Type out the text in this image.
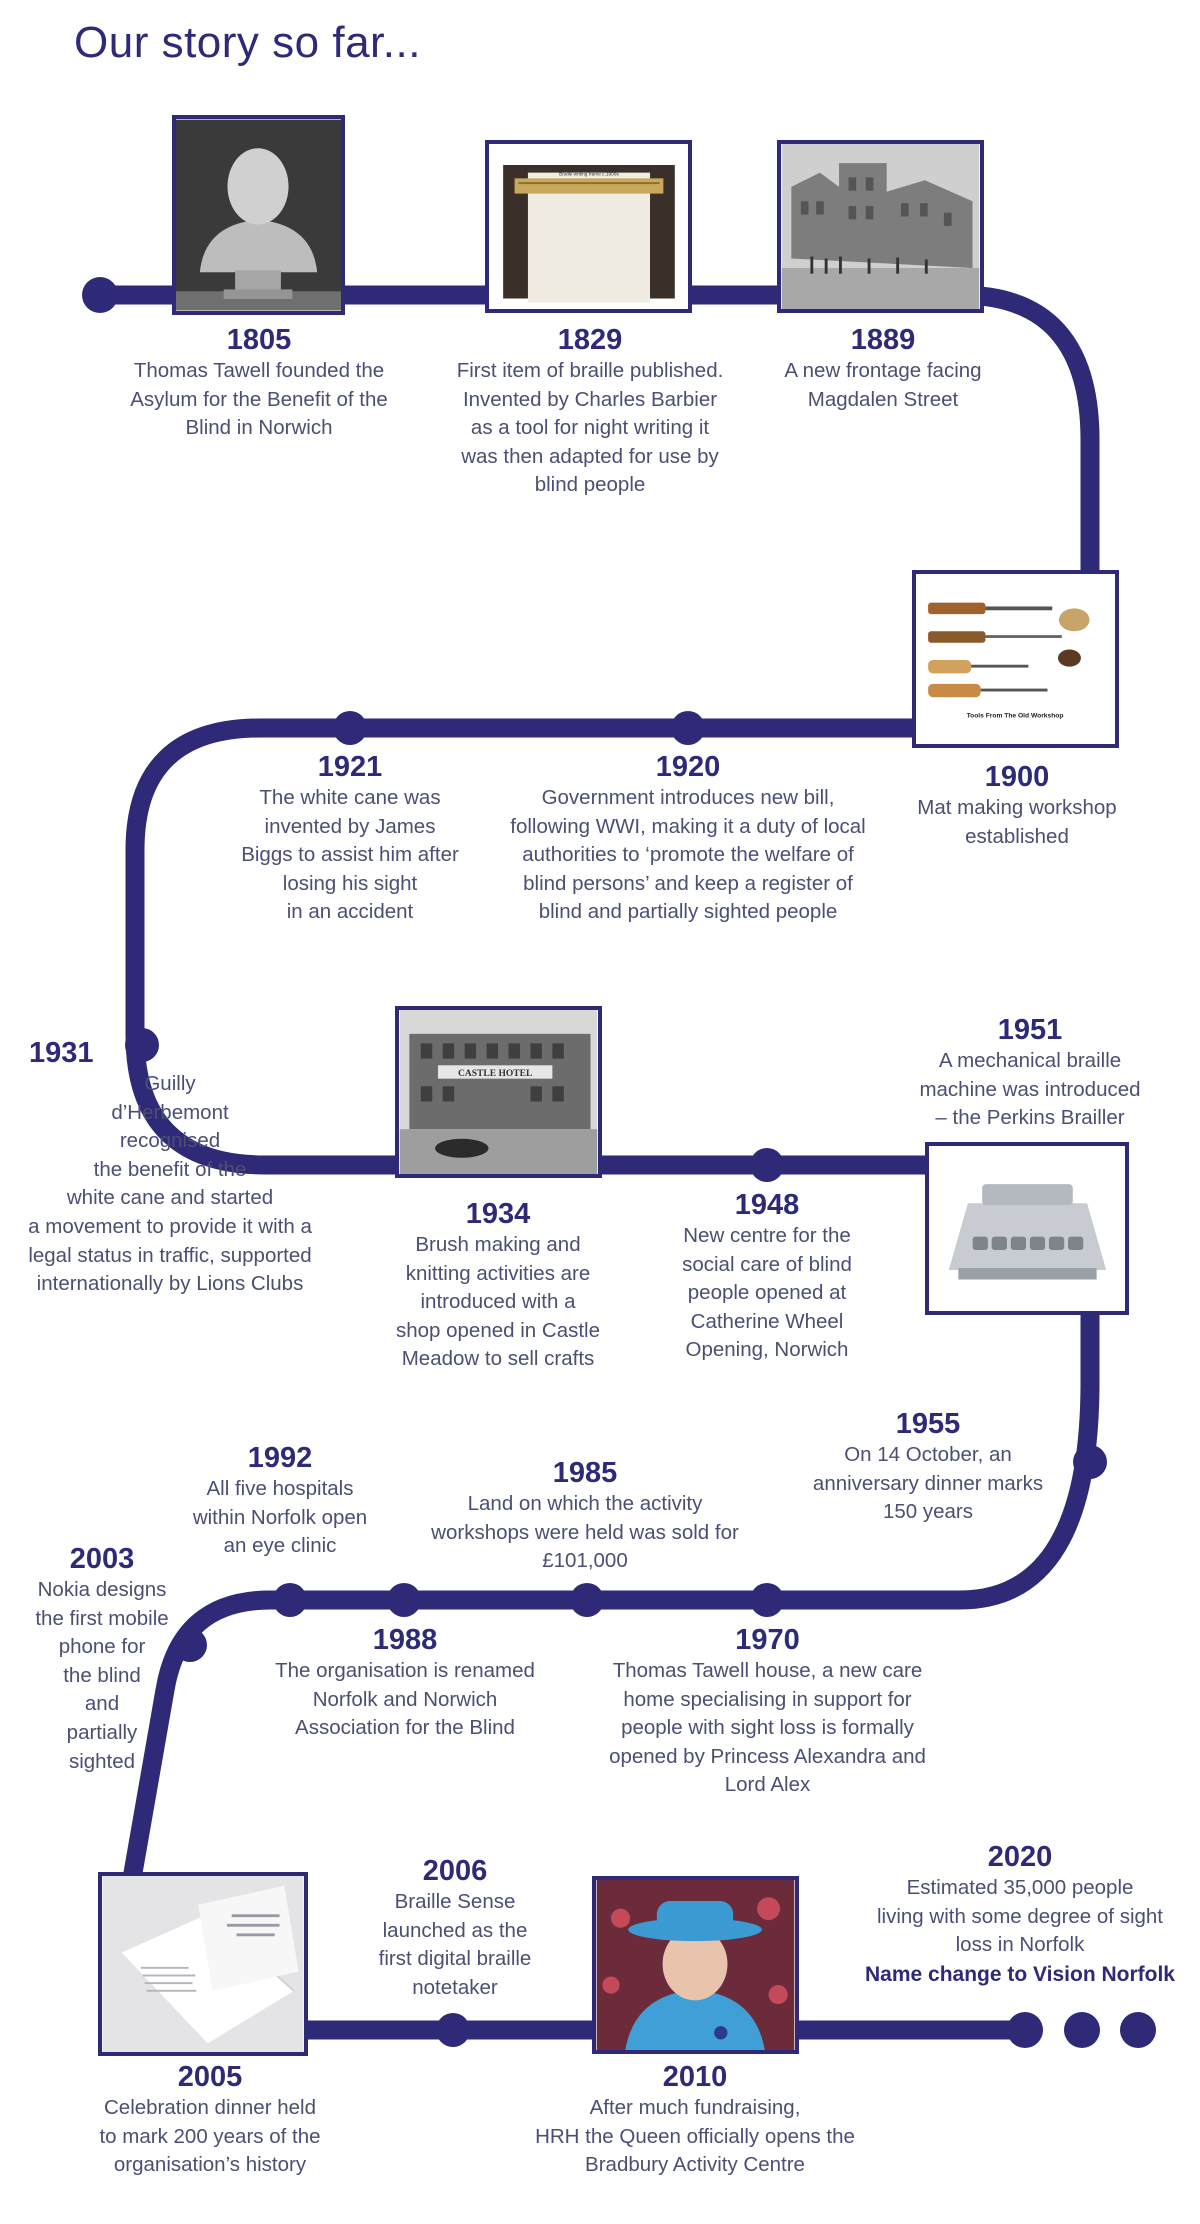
Our story so far...
Braille writing frame c.1900s
Tools From The Old Workshop
CASTLE HOTEL
1805
Thomas Tawell founded the
Asylum for the Benefit of the
Blind in Norwich
1829
First item of braille published.
Invented by Charles Barbier
as a tool for night writing it
was then adapted for use by
blind people
1889
A new frontage facing
Magdalen Street
1921
The white cane was
invented by James
Biggs to assist him after
losing his sight
in an accident
1920
Government introduces new bill,
following WWI, making it a duty of local
authorities to ‘promote the welfare of
blind persons’ and keep a register of
blind and partially sighted people
1900
Mat making workshop
established
1931
Guilly
d’Herbemont
recognised
the benefit of the
white cane and started
a movement to provide it with a
legal status in traffic, supported
internationally by Lions Clubs
1934
Brush making and
knitting activities are
introduced with a
shop opened in Castle
Meadow to sell crafts
1948
New centre for the
social care of blind
people opened at
Catherine Wheel
Opening, Norwich
1951
A mechanical braille
machine was introduced
– the Perkins Brailler
1955
On 14 October, an
anniversary dinner marks
150 years
1992
All five hospitals
within Norfolk open
an eye clinic
1985
Land on which the activity
workshops were held was sold for
£101,000
2003
Nokia designs
the first mobile
phone for
the blind
and
partially
sighted
1988
The organisation is renamed
Norfolk and Norwich
Association for the Blind
1970
Thomas Tawell house, a new care
home specialising in support for
people with sight loss is formally
opened by Princess Alexandra and
Lord Alex
2006
Braille Sense
launched as the
first digital braille
notetaker
2020
Estimated 35,000 people
living with some degree of sight
loss in Norfolk
Name change to Vision Norfolk
2005
Celebration dinner held
to mark 200 years of the
organisation’s history
2010
After much fundraising,
HRH the Queen officially opens the
Bradbury Activity Centre
